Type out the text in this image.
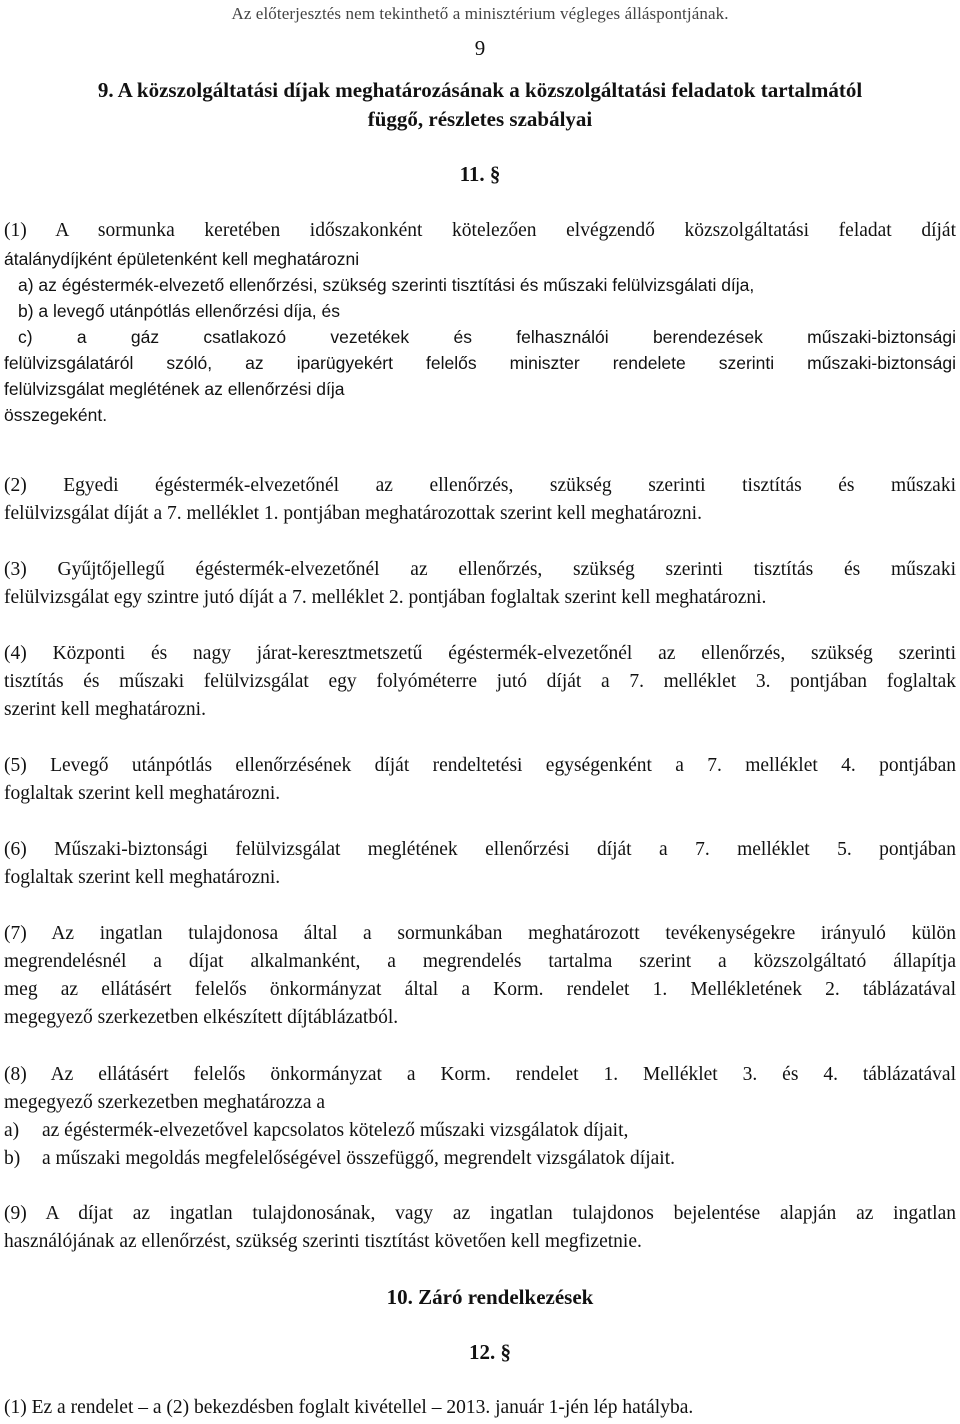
Az előterjesztés nem tekinthető a minisztérium végleges álláspontjának.
9
9. A közszolgáltatási díjak meghatározásának a közszolgáltatási feladatok tartalmától
függő, részletes szabályai
11. §
(1) A sormunka keretében időszakonként kötelezően elvégzendő közszolgáltatási feladat díját
átalánydíjként épületenként kell meghatározni
a) az égéstermék-elvezető ellenőrzési, szükség szerinti tisztítási és műszaki felülvizsgálati díja,
b) a levegő utánpótlás ellenőrzési díja, és
c) a gáz csatlakozó vezetékek és felhasználói berendezések műszaki-biztonsági
felülvizsgálatáról szóló, az iparügyekért felelős miniszter rendelete szerinti műszaki-biztonsági
felülvizsgálat meglétének az ellenőrzési díja
összegeként.
(2) Egyedi égéstermék-elvezetőnél az ellenőrzés, szükség szerinti tisztítás és műszaki
felülvizsgálat díját a 7. melléklet 1. pontjában meghatározottak szerint kell meghatározni.
(3) Gyűjtőjellegű égéstermék-elvezetőnél az ellenőrzés, szükség szerinti tisztítás és műszaki
felülvizsgálat egy szintre jutó díját a 7. melléklet 2. pontjában foglaltak szerint kell meghatározni.
(4) Központi és nagy járat-keresztmetszetű égéstermék-elvezetőnél az ellenőrzés, szükség szerinti
tisztítás és műszaki felülvizsgálat egy folyóméterre jutó díját a 7. melléklet 3. pontjában foglaltak
szerint kell meghatározni.
(5) Levegő utánpótlás ellenőrzésének díját rendeltetési egységenként a 7. melléklet 4. pontjában
foglaltak szerint kell meghatározni.
(6) Műszaki-biztonsági felülvizsgálat meglétének ellenőrzési díját a 7. melléklet 5. pontjában
foglaltak szerint kell meghatározni.
(7) Az ingatlan tulajdonosa által a sormunkában meghatározott tevékenységekre irányuló külön
megrendelésnél a díjat alkalmanként, a megrendelés tartalma szerint a közszolgáltató állapítja
meg az ellátásért felelős önkormányzat által a Korm. rendelet 1. Mellékletének 2. táblázatával
megegyező szerkezetben elkészített díjtáblázatból.
(8) Az ellátásért felelős önkormányzat a Korm. rendelet 1. Melléklet 3. és 4. táblázatával
megegyező szerkezetben meghatározza a
a)	az égéstermék-elvezetővel kapcsolatos kötelező műszaki vizsgálatok díjait,
b)	a műszaki megoldás megfelelőségével összefüggő, megrendelt vizsgálatok díjait.
(9) A díjat az ingatlan tulajdonosának, vagy az ingatlan tulajdonos bejelentése alapján az ingatlan
használójának az ellenőrzést, szükség szerinti tisztítást követően kell megfizetnie.
10. Záró rendelkezések
12. §
(1) Ez a rendelet – a (2) bekezdésben foglalt kivétellel – 2013. január 1-jén lép hatályba.
